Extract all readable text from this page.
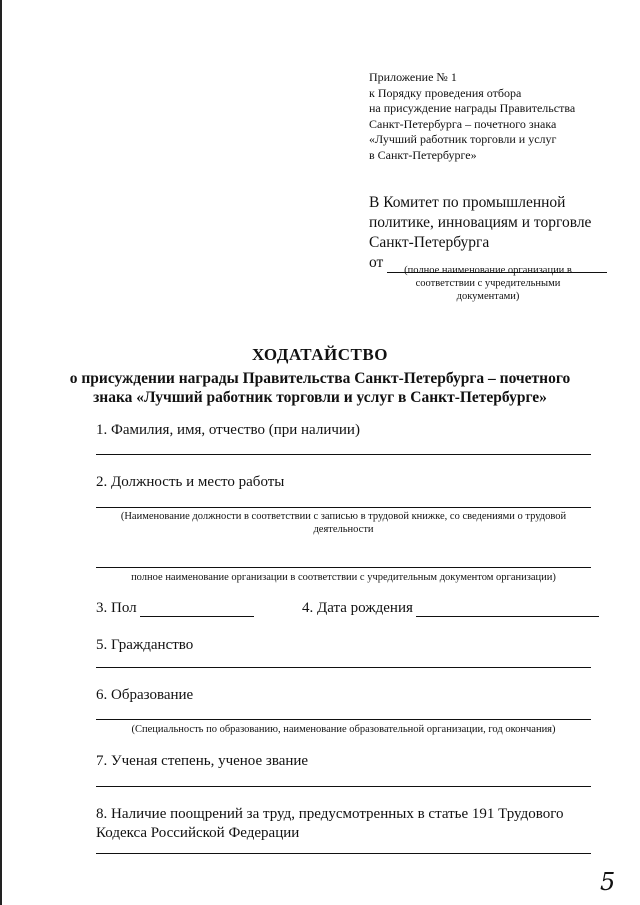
Приложение № 1
к Порядку проведения отбора
на присуждение награды Правительства
Санкт-Петербурга – почетного знака
«Лучший работник торговли и услуг
в Санкт-Петербурге»
В Комитет по промышленной
политике, инновациям и торговле
Санкт-Петербурга
от	(полное наименование организации в соответствии с учредительными документами)
ХОДАТАЙСТВО
о присуждении награды Правительства Санкт-Петербурга – почетного
знака «Лучший работник торговли и услуг в Санкт-Петербурге»
1. Фамилия, имя, отчество (при наличии)
2. Должность и место работы
(Наименование должности в соответствии с записью в трудовой книжке, со сведениями о трудовой деятельности
полное наименование организации в соответствии с учредительным документом организации)
3. Пол	4. Дата рождения
5. Гражданство
6. Образование
(Специальность по образованию, наименование образовательной организации, год окончания)
7. Ученая степень, ученое звание
8. Наличие поощрений за труд, предусмотренных в статье 191 Трудового Кодекса Российской Федерации
5
